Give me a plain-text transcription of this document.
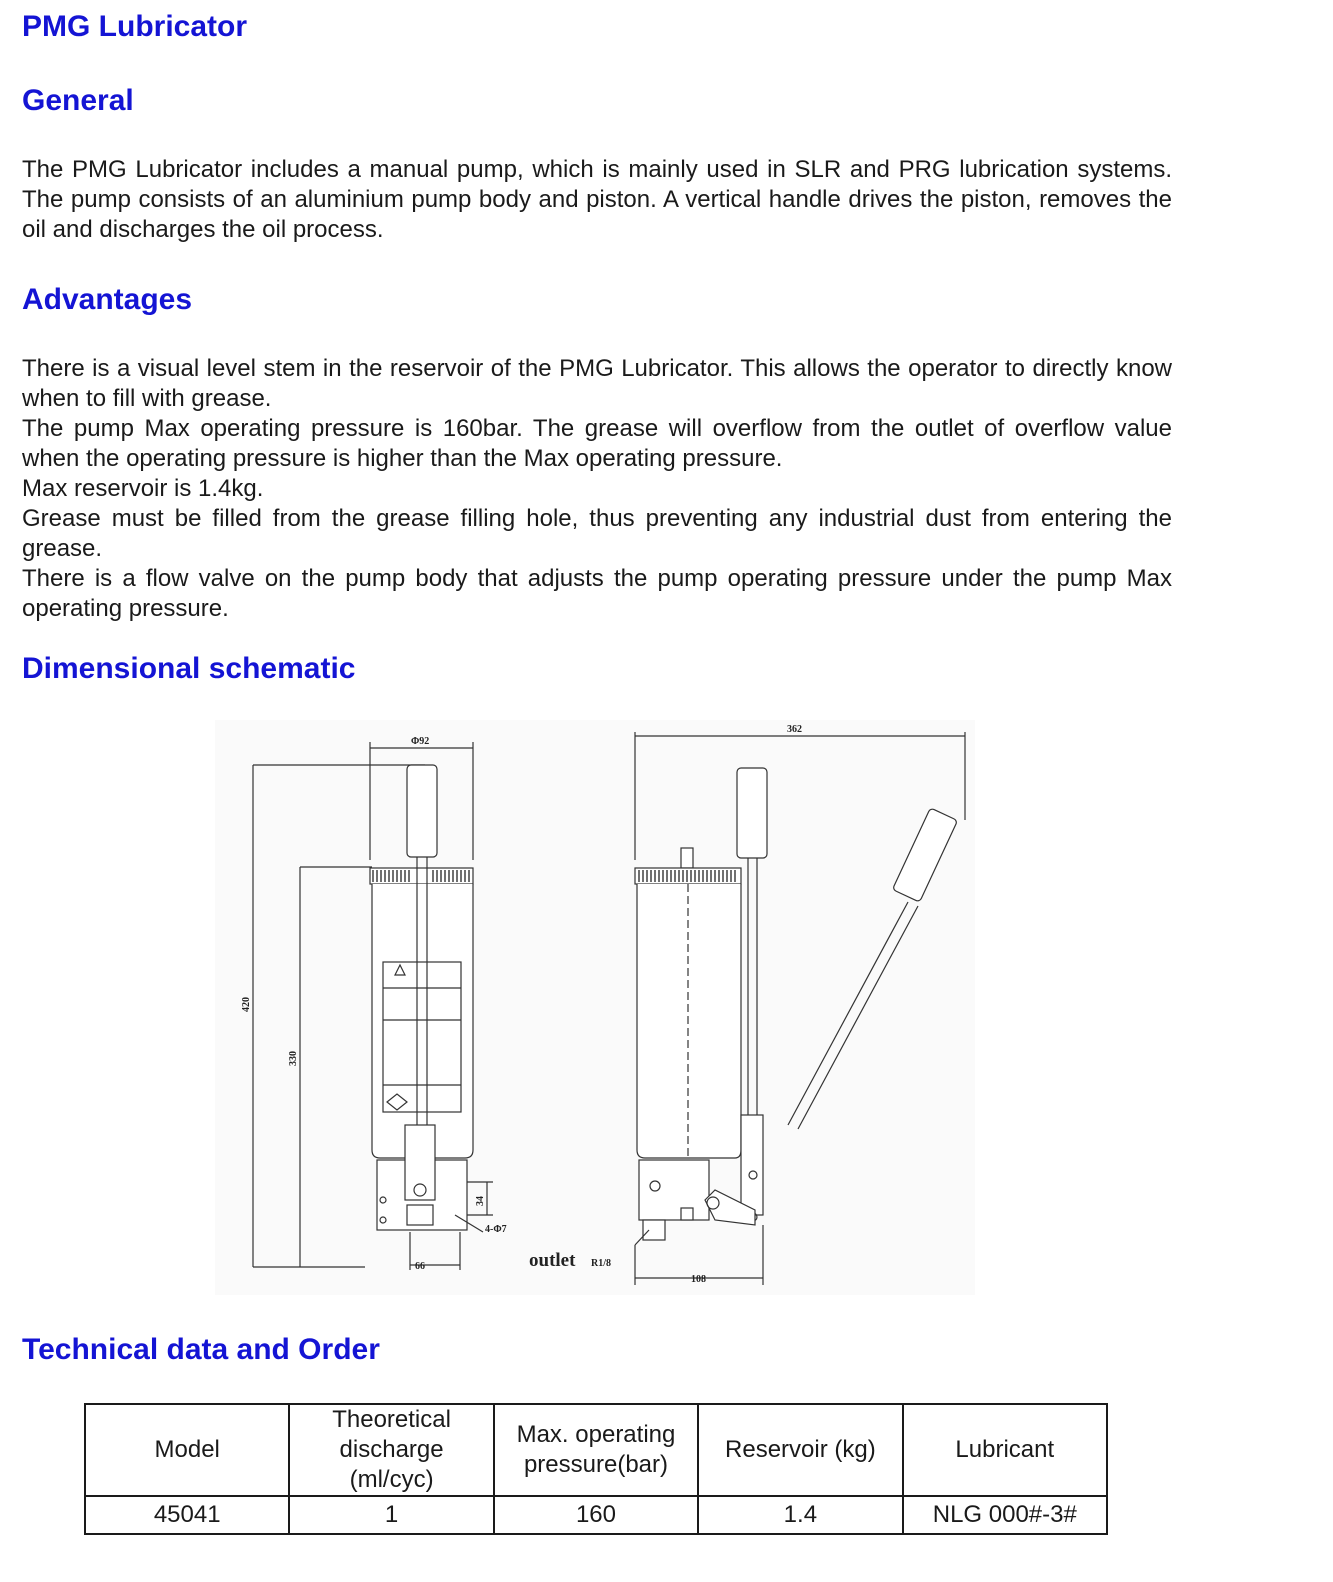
PMG Lubricator
General

The PMG Lubricator includes a manual pump, which is mainly used in SLR and PRG lubrication systems. The pump consists of an aluminium pump body and piston. A vertical handle drives the piston, removes the oil and discharges the oil process.

Advantages

There is a visual level stem in the reservoir of the PMG Lubricator. This allows the operator to directly know when to fill with grease.

The pump Max operating pressure is 160bar. The grease will overflow from the outlet of overflow value when the operating pressure is higher than the Max operating pressure.

Max reservoir is 1.4kg.

Grease must be filled from the grease filling hole, thus preventing any industrial dust from entering the grease.

There is a flow valve on the pump body that adjusts the pump operating pressure under the pump Max operating pressure.

Dimensional schematic
Φ92
420
330
66
34
4-Φ7
outlet R1/8
362
108
Technical data and Order
Model	Theoretical discharge (ml/cyc)	Max. operating pressure(bar)	Reservoir (kg)	Lubricant
45041	1	160	1.4	NLG 000#-3#
